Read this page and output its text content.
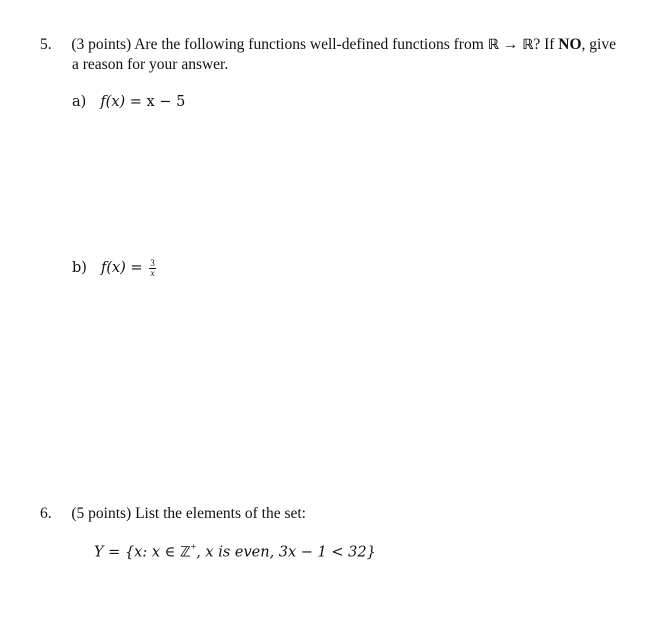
5. (3 points) Are the following functions well-defined functions from ℝ → ℝ? If NO, give
a reason for your answer.
a) f(x) = x − 5
b) $f(x) = \frac{3}{x}$
6. (5 points) List the elements of the set:
Y = {x: x ∈ ℤ+, x is even, 3x − 1 < 32}
